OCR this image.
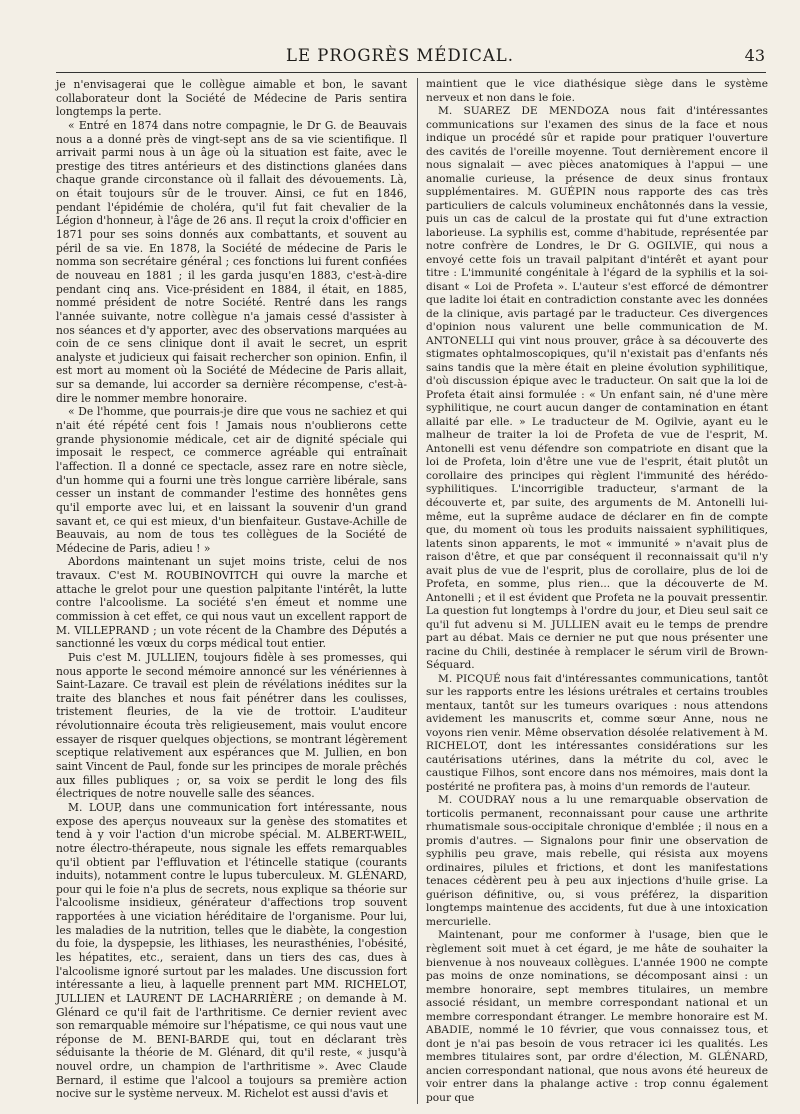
LE PROGRÈS MÉDICAL.	43

je n'envisagerai que le collègue aimable et bon, le savant collaborateur dont la Société de Médecine de Paris sentira longtemps la perte.

« Entré en 1874 dans notre compagnie, le Dr G. de Beauvais nous a a donné près de vingt-sept ans de sa vie scientifique. Il arrivait parmi nous à un âge où la situation est faite, avec le prestige des titres antérieurs et des distinctions glanées dans chaque grande circonstance où il fallait des dévouements. Là, on était toujours sûr de le trouver. Ainsi, ce fut en 1846, pendant l'épidémie de choléra, qu'il fut fait chevalier de la Légion d'honneur, à l'âge de 26 ans. Il reçut la croix d'officier en 1871 pour ses soins donnés aux combattants, et souvent au péril de sa vie. En 1878, la Société de médecine de Paris le nomma son secrétaire général ; ces fonctions lui furent confiées de nouveau en 1881 ; il les garda jusqu'en 1883, c'est-à-dire pendant cinq ans. Vice-président en 1884, il était, en 1885, nommé président de notre Société. Rentré dans les rangs l'année suivante, notre collègue n'a jamais cessé d'assister à nos séances et d'y apporter, avec des observations marquées au coin de ce sens clinique dont il avait le secret, un esprit analyste et judicieux qui faisait rechercher son opinion. Enfin, il est mort au moment où la Société de Médecine de Paris allait, sur sa demande, lui accorder sa dernière récompense, c'est-à-dire le nommer membre honoraire.

« De l'homme, que pourrais-je dire que vous ne sachiez et qui n'ait été répété cent fois ! Jamais nous n'oublierons cette grande physionomie médicale, cet air de dignité spéciale qui imposait le respect, ce commerce agréable qui entraînait l'affection. Il a donné ce spectacle, assez rare en notre siècle, d'un homme qui a fourni une très longue carrière libérale, sans cesser un instant de commander l'estime des honnêtes gens qu'il emporte avec lui, et en laissant la souvenir d'un grand savant et, ce qui est mieux, d'un bienfaiteur. Gustave-Achille de Beauvais, au nom de tous tes collègues de la Société de Médecine de Paris, adieu ! »

Abordons maintenant un sujet moins triste, celui de nos travaux. C'est M. ROUBINOVITCH qui ouvre la marche et attache le grelot pour une question palpitante l'intérêt, la lutte contre l'alcoolisme. La société s'en émeut et nomme une commission à cet effet, ce qui nous vaut un excellent rapport de M. VILLEPRAND ; un vote récent de la Chambre des Députés a sanctionné les vœux du corps médical tout entier.

Puis c'est M. JULLIEN, toujours fidèle à ses promesses, qui nous apporte le second mémoire annoncé sur les vénériennes à Saint-Lazare. Ce travail est plein de révélations inédites sur la traite des blanches et nous fait pénétrer dans les coulisses, tristement fleuries, de la vie de trottoir. L'auditeur révolutionnaire écouta très religieusement, mais voulut encore essayer de risquer quelques objections, se montrant légèrement sceptique relativement aux espérances que M. Jullien, en bon saint Vincent de Paul, fonde sur les principes de morale prêchés aux filles publiques ; or, sa voix se perdit le long des fils électriques de notre nouvelle salle des séances.

M. LOUP, dans une communication fort intéressante, nous expose des aperçus nouveaux sur la genèse des stomatites et tend à y voir l'action d'un microbe spécial. M. ALBERT-WEIL, notre électro-thérapeute, nous signale les effets remarquables qu'il obtient par l'effluvation et l'étincelle statique (courants induits), notamment contre le lupus tuberculeux. M. GLÉNARD, pour qui le foie n'a plus de secrets, nous explique sa théorie sur l'alcoolisme insidieux, générateur d'affections trop souvent rapportées à une viciation héréditaire de l'organisme. Pour lui, les maladies de la nutrition, telles que le diabète, la congestion du foie, la dyspepsie, les lithiases, les neurasthénies, l'obésité, les hépatites, etc., seraient, dans un tiers des cas, dues à l'alcoolisme ignoré surtout par les malades. Une discussion fort intéressante a lieu, à laquelle prennent part MM. RICHELOT, JULLIEN et LAURENT DE LACHARRIÈRE ; on demande à M. Glénard ce qu'il fait de l'arthritisme. Ce dernier revient avec son remarquable mémoire sur l'hépatisme, ce qui nous vaut une réponse de M. BENI-BARDE qui, tout en déclarant très séduisante la théorie de M. Glénard, dit qu'il reste, « jusqu'à nouvel ordre, un champion de l'arthritisme ». Avec Claude Bernard, il estime que l'alcool a toujours sa première action nocive sur le système nerveux. M. Richelot est aussi d'avis et

maintient que le vice diathésique siège dans le système nerveux et non dans le foie.

M. SUAREZ DE MENDOZA nous fait d'intéressantes communications sur l'examen des sinus de la face et nous indique un procédé sûr et rapide pour pratiquer l'ouverture des cavités de l'oreille moyenne. Tout dernièrement encore il nous signalait — avec pièces anatomiques à l'appui — une anomalie curieuse, la présence de deux sinus frontaux supplémentaires. M. GUÉPIN nous rapporte des cas très particuliers de calculs volumineux enchâtonnés dans la vessie, puis un cas de calcul de la prostate qui fut d'une extraction laborieuse. La syphilis est, comme d'habitude, représentée par notre confrère de Londres, le Dr G. OGILVIE, qui nous a envoyé cette fois un travail palpitant d'intérêt et ayant pour titre : L'immunité congénitale à l'égard de la syphilis et la soi-disant « Loi de Profeta ». L'auteur s'est efforcé de démontrer que ladite loi était en contradiction constante avec les données de la clinique, avis partagé par le traducteur. Ces divergences d'opinion nous valurent une belle communication de M. ANTONELLI qui vint nous prouver, grâce à sa découverte des stigmates ophtalmoscopiques, qu'il n'existait pas d'enfants nés sains tandis que la mère était en pleine évolution syphilitique, d'où discussion épique avec le traducteur. On sait que la loi de Profeta était ainsi formulée : « Un enfant sain, né d'une mère syphilitique, ne court aucun danger de contamination en étant allaité par elle. » Le traducteur de M. Ogilvie, ayant eu le malheur de traiter la loi de Profeta de vue de l'esprit, M. Antonelli est venu défendre son compatriote en disant que la loi de Profeta, loin d'être une vue de l'esprit, était plutôt un corollaire des principes qui règlent l'immunité des hérédo-syphilitiques. L'incorrigible traducteur, s'armant de la découverte et, par suite, des arguments de M. Antonelli lui-même, eut la suprême audace de déclarer en fin de compte que, du moment où tous les produits naissaient syphilitiques, latents sinon apparents, le mot « immunité » n'avait plus de raison d'être, et que par conséquent il reconnaissait qu'il n'y avait plus de vue de l'esprit, plus de corollaire, plus de loi de Profeta, en somme, plus rien... que la découverte de M. Antonelli ; et il est évident que Profeta ne la pouvait pressentir. La question fut longtemps à l'ordre du jour, et Dieu seul sait ce qu'il fut advenu si M. JULLIEN avait eu le temps de prendre part au débat. Mais ce dernier ne put que nous présenter une racine du Chili, destinée à remplacer le sérum viril de Brown-Séquard.

M. PICQUÉ nous fait d'intéressantes communications, tantôt sur les rapports entre les lésions urétrales et certains troubles mentaux, tantôt sur les tumeurs ovariques : nous attendons avidement les manuscrits et, comme sœur Anne, nous ne voyons rien venir. Même observation désolée relativement à M. RICHELOT, dont les intéressantes considérations sur les cautérisations utérines, dans la métrite du col, avec le caustique Filhos, sont encore dans nos mémoires, mais dont la postérité ne profitera pas, à moins d'un remords de l'auteur.

M. COUDRAY nous a lu une remarquable observation de torticolis permanent, reconnaissant pour cause une arthrite rhumatismale sous-occipitale chronique d'emblée ; il nous en a promis d'autres. — Signalons pour finir une observation de syphilis peu grave, mais rebelle, qui résista aux moyens ordinaires, pilules et frictions, et dont les manifestations tenaces cédèrent peu à peu aux injections d'huile grise. La guérison définitive, ou, si vous préférez, la disparition longtemps maintenue des accidents, fut due à une intoxication mercurielle.

Maintenant, pour me conformer à l'usage, bien que le règlement soit muet à cet égard, je me hâte de souhaiter la bienvenue à nos nouveaux collègues. L'année 1900 ne compte pas moins de onze nominations, se décomposant ainsi : un membre honoraire, sept membres titulaires, un membre associé résidant, un membre correspondant national et un membre correspondant étranger. Le membre honoraire est M. ABADIE, nommé le 10 février, que vous connaissez tous, et dont je n'ai pas besoin de vous retracer ici les qualités. Les membres titulaires sont, par ordre d'élection, M. GLÉNARD, ancien correspondant national, que nous avons été heureux de voir entrer dans la phalange active : trop connu également pour que
